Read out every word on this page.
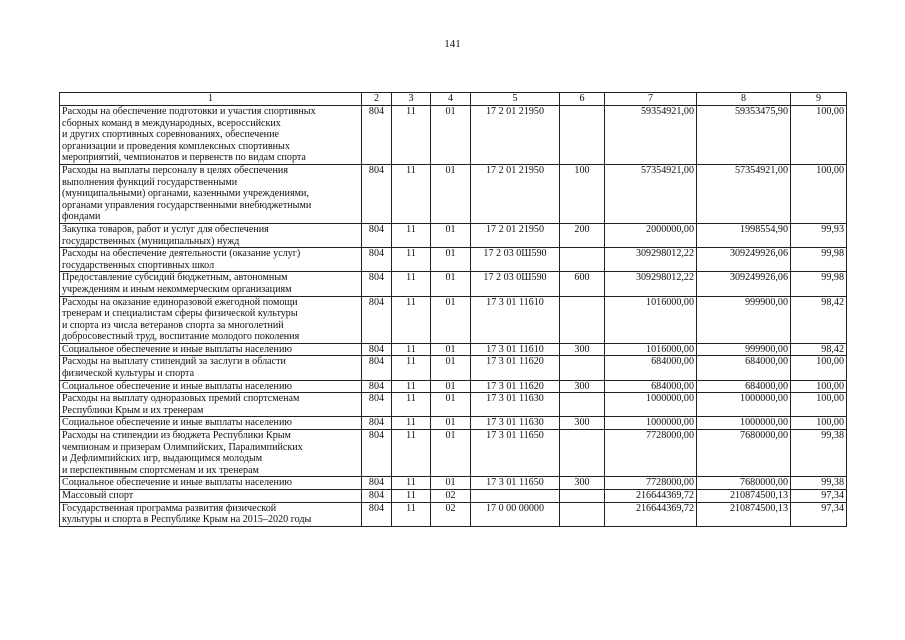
141
1	2	3	4	5	6	7	8	9
Расходы на обеспечение подготовки и участия спортивных
сборных команд в международных, всероссийских
и других спортивных соревнованиях, обеспечение
организации и проведения комплексных спортивных
мероприятий, чемпионатов и первенств по видам спорта	804	11	01	17 2 01 21950		59354921,00	59353475,90	100,00
Расходы на выплаты персоналу в целях обеспечения
выполнения функций государственными
(муниципальными) органами, казенными учреждениями,
органами управления государственными внебюджетными
фондами	804	11	01	17 2 01 21950	100	57354921,00	57354921,00	100,00
Закупка товаров, работ и услуг для обеспечения
государственных (муниципальных) нужд	804	11	01	17 2 01 21950	200	2000000,00	1998554,90	99,93
Расходы на обеспечение деятельности (оказание услуг)
государственных спортивных школ	804	11	01	17 2 03 0Ш590		309298012,22	309249926,06	99,98
Предоставление субсидий бюджетным, автономным
учреждениям и иным некоммерческим организациям	804	11	01	17 2 03 0Ш590	600	309298012,22	309249926,06	99,98
Расходы на оказание единоразовой ежегодной помощи
тренерам и специалистам сферы физической культуры
и спорта из числа ветеранов спорта за многолетний
добросовестный труд, воспитание молодого поколения	804	11	01	17 3 01 11610		1016000,00	999900,00	98,42
Социальное обеспечение и иные выплаты населению	804	11	01	17 3 01 11610	300	1016000,00	999900,00	98,42
Расходы на выплату стипендий за заслуги в области
физической культуры и спорта	804	11	01	17 3 01 11620		684000,00	684000,00	100,00
Социальное обеспечение и иные выплаты населению	804	11	01	17 3 01 11620	300	684000,00	684000,00	100,00
Расходы на выплату одноразовых премий спортсменам
Республики Крым и их тренерам	804	11	01	17 3 01 11630		1000000,00	1000000,00	100,00
Социальное обеспечение и иные выплаты населению	804	11	01	17 3 01 11630	300	1000000,00	1000000,00	100,00
Расходы на стипендии из бюджета Республики Крым
чемпионам и призерам Олимпийских, Паралимпийских
и Дефлимпийских игр, выдающимся молодым
и перспективным спортсменам и их тренерам	804	11	01	17 3 01 11650		7728000,00	7680000,00	99,38
Социальное обеспечение и иные выплаты населению	804	11	01	17 3 01 11650	300	7728000,00	7680000,00	99,38
Массовый спорт	804	11	02			216644369,72	210874500,13	97,34
Государственная программа развития физической
культуры и спорта в Республике Крым на 2015–2020 годы	804	11	02	17 0 00 00000		216644369,72	210874500,13	97,34
